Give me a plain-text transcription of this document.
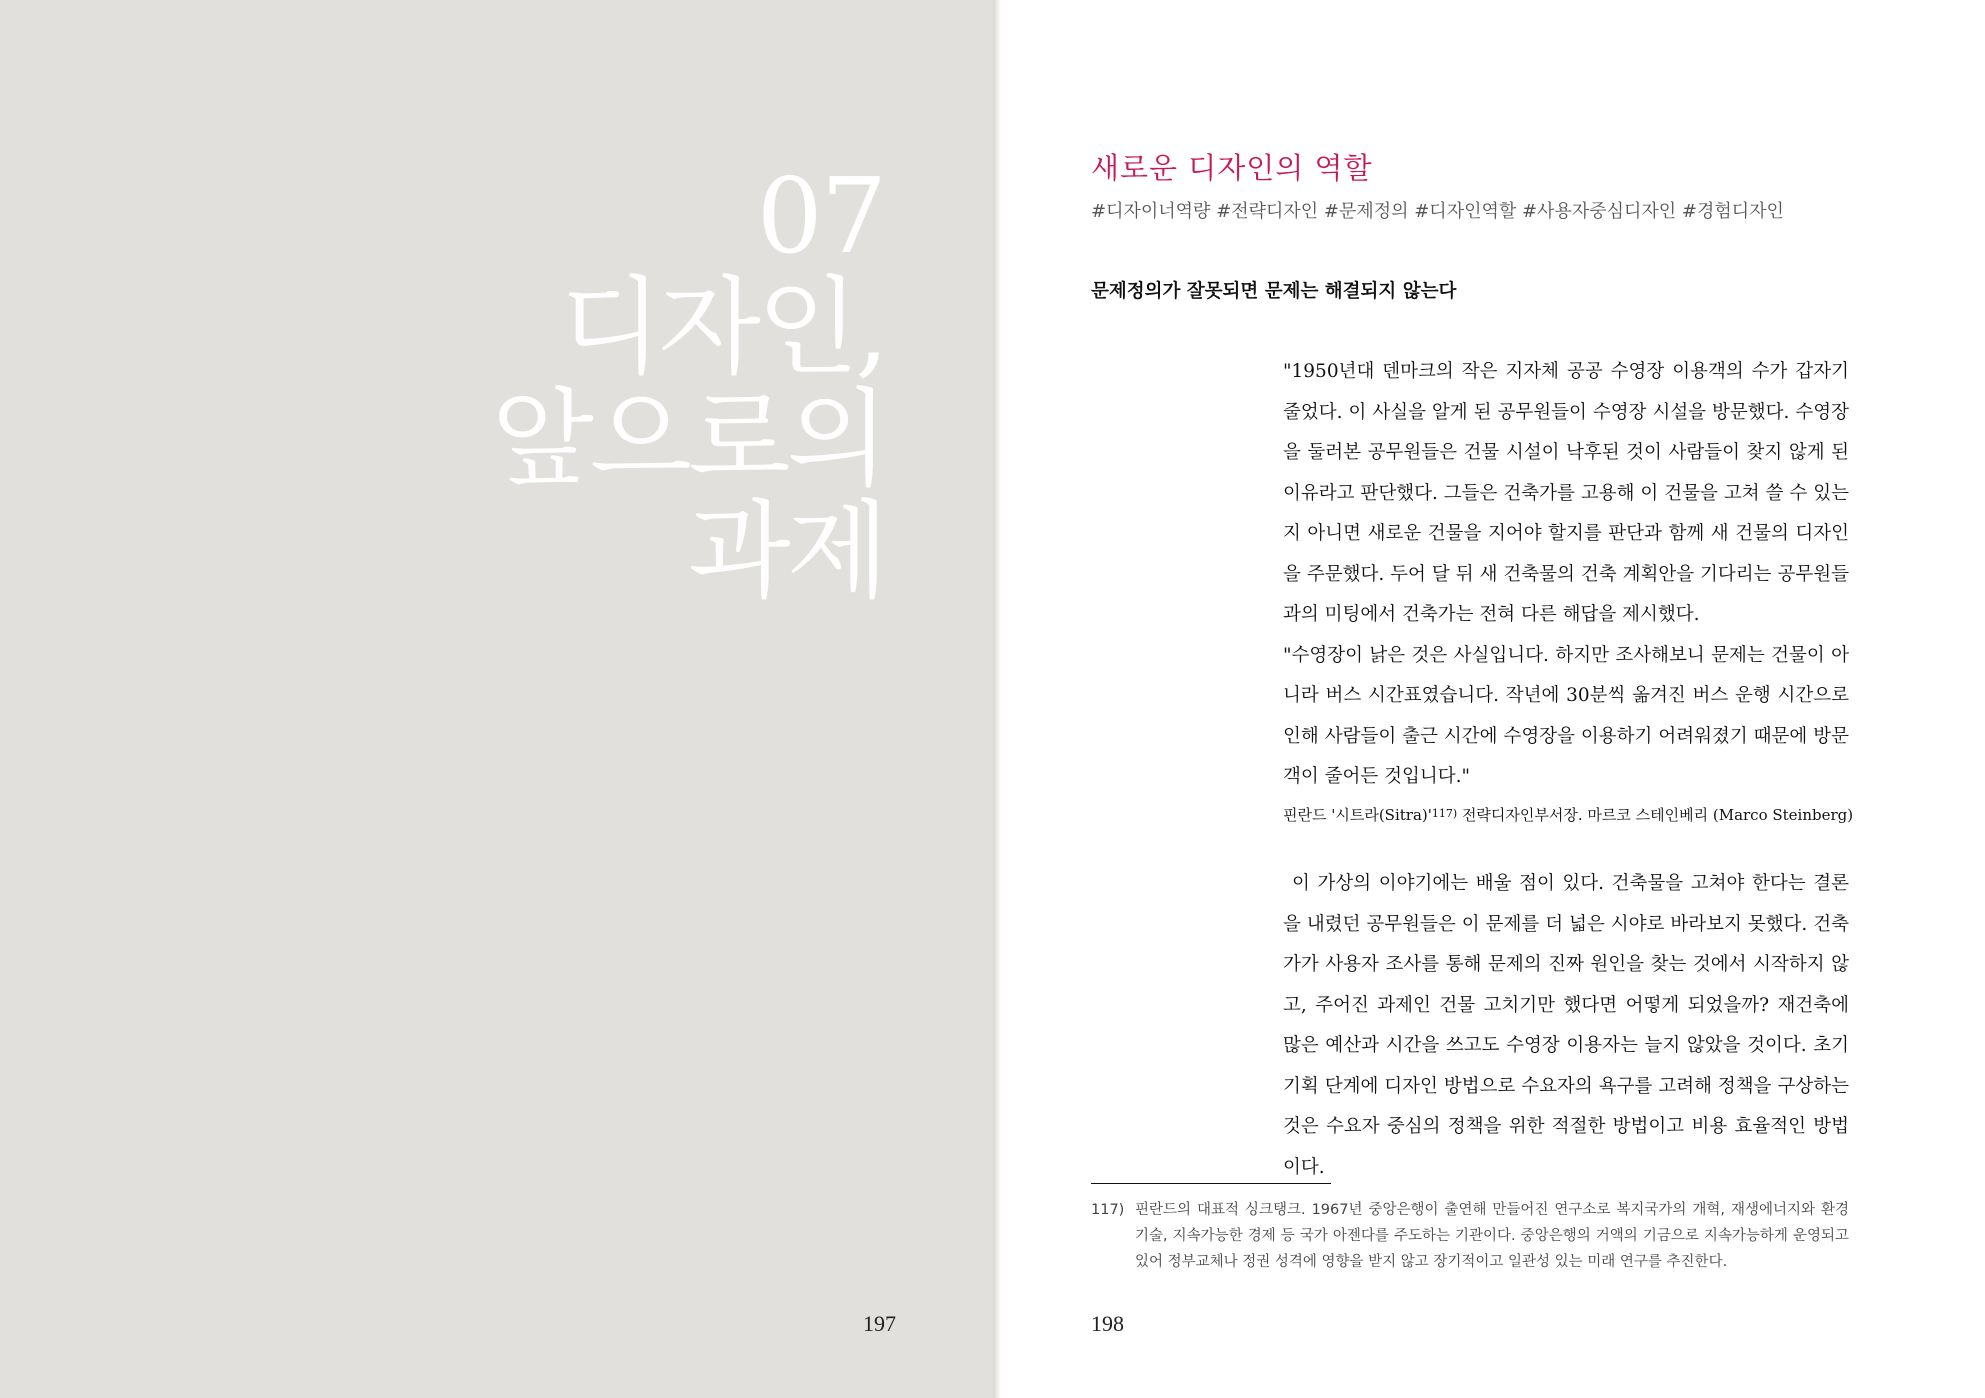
07
디자인,
앞으로의
과제
197
새로운 디자인의 역할
#디자이너역량 #전략디자인 #문제정의 #디자인역할 #사용자중심디자인 #경험디자인
문제정의가 잘못되면 문제는 해결되지 않는다

"1950년대 덴마크의 작은 지자체 공공 수영장 이용객의 수가 갑자기 줄었다. 이 사실을 알게 된 공무원들이 수영장 시설을 방문했다. 수영장을 둘러본 공무원들은 건물 시설이 낙후된 것이 사람들이 찾지 않게 된 이유라고 판단했다. 그들은 건축가를 고용해 이 건물을 고쳐 쓸 수 있는지 아니면 새로운 건물을 지어야 할지를 판단과 함께 새 건물의 디자인을 주문했다. 두어 달 뒤 새 건축물의 건축 계획안을 기다리는 공무원들과의 미팅에서 건축가는 전혀 다른 해답을 제시했다.

"수영장이 낡은 것은 사실입니다. 하지만 조사해보니 문제는 건물이 아니라 버스 시간표였습니다. 작년에 30분씩 옮겨진 버스 운행 시간으로 인해 사람들이 출근 시간에 수영장을 이용하기 어려워졌기 때문에 방문객이 줄어든 것입니다."

핀란드 '시트라(Sitra)'$^{117)}$ 전략디자인부서장. 마르코 스테인베리 (Marco Steinberg)

이 가상의 이야기에는 배울 점이 있다. 건축물을 고쳐야 한다는 결론을 내렸던 공무원들은 이 문제를 더 넓은 시야로 바라보지 못했다. 건축가가 사용자 조사를 통해 문제의 진짜 원인을 찾는 것에서 시작하지 않고, 주어진 과제인 건물 고치기만 했다면 어떻게 되었을까? 재건축에 많은 예산과 시간을 쓰고도 수영장 이용자는 늘지 않았을 것이다. 초기 기획 단계에 디자인 방법으로 수요자의 욕구를 고려해 정책을 구상하는 것은 수요자 중심의 정책을 위한 적절한 방법이고 비용 효율적인 방법이다.

117) 핀란드의 대표적 싱크탱크. 1967년 중앙은행이 출연해 만들어진 연구소로 복지국가의 개혁, 재생에너지와 환경 기술, 지속가능한 경제 등 국가 아젠다를 주도하는 기관이다. 중앙은행의 거액의 기금으로 지속가능하게 운영되고 있어 정부교체나 정권 성격에 영향을 받지 않고 장기적이고 일관성 있는 미래 연구를 추진한다.
198
